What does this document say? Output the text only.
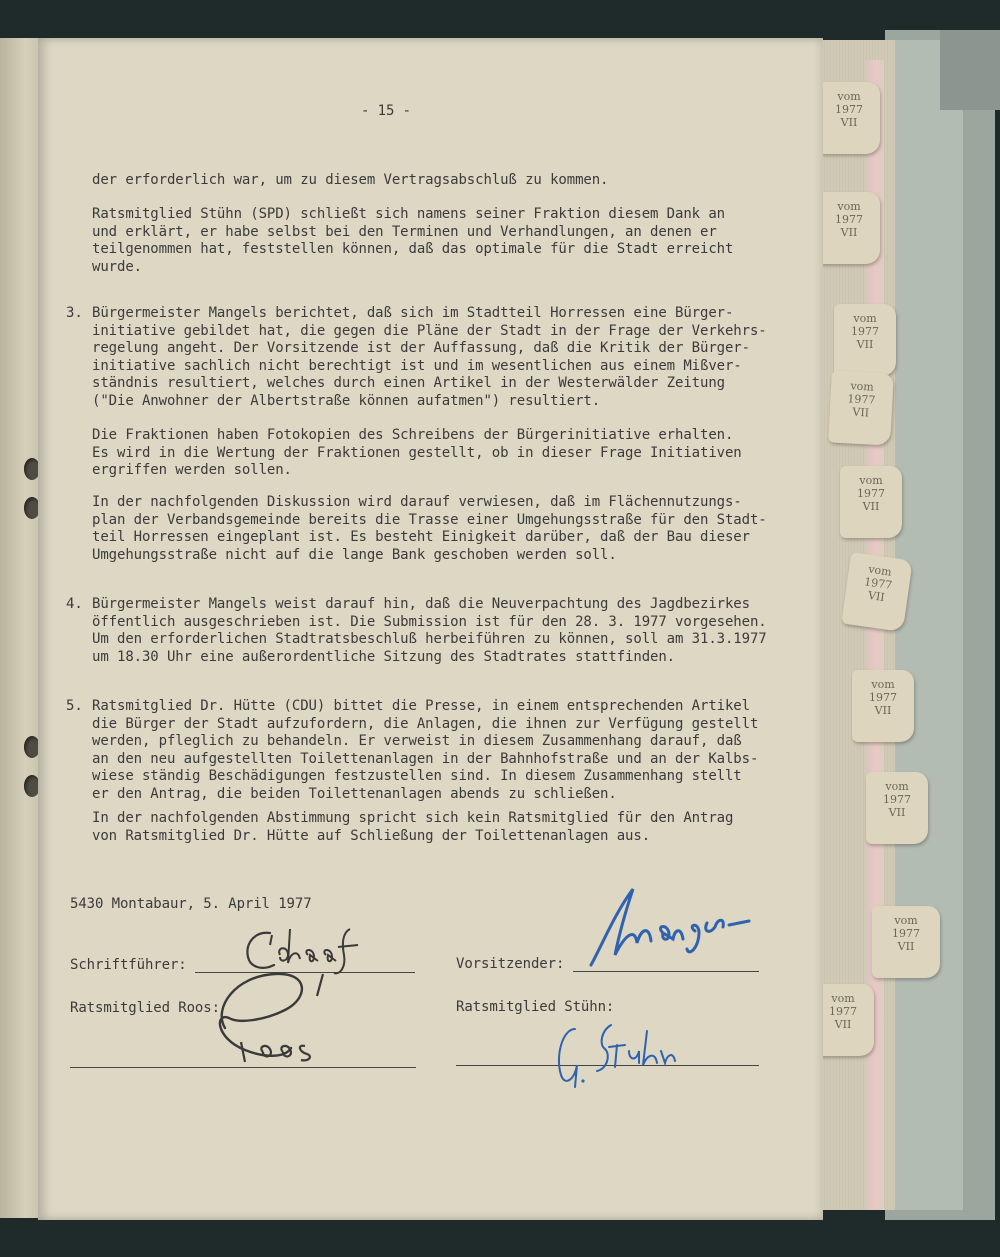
vom
1977
VII
vom
1977
VII
vom
1977
VII
vom
1977
VII
vom
1977
VII
vom
1977
VII
vom
1977
VII
vom
1977
VII
vom
1977
VII
vom
1977
VII
- 15 -
der erforderlich war, um zu diesem Vertragsabschluß zu kommen.
Ratsmitglied Stühn (SPD) schließt sich namens seiner Fraktion diesem Dank an
und erklärt, er habe selbst bei den Terminen und Verhandlungen, an denen er
teilgenommen hat, feststellen können, daß das optimale für die Stadt erreicht
wurde.
3. Bürgermeister Mangels berichtet, daß sich im Stadtteil Horressen eine Bürger-
initiative gebildet hat, die gegen die Pläne der Stadt in der Frage der Verkehrs-
regelung angeht. Der Vorsitzende ist der Auffassung, daß die Kritik der Bürger-
initiative sachlich nicht berechtigt ist und im wesentlichen aus einem Mißver-
ständnis resultiert, welches durch einen Artikel in der Westerwälder Zeitung
("Die Anwohner der Albertstraße können aufatmen") resultiert.
Die Fraktionen haben Fotokopien des Schreibens der Bürgerinitiative erhalten.
Es wird in die Wertung der Fraktionen gestellt, ob in dieser Frage Initiativen
ergriffen werden sollen.
In der nachfolgenden Diskussion wird darauf verwiesen, daß im Flächennutzungs-
plan der Verbandsgemeinde bereits die Trasse einer Umgehungsstraße für den Stadt-
teil Horressen eingeplant ist. Es besteht Einigkeit darüber, daß der Bau dieser
Umgehungsstraße nicht auf die lange Bank geschoben werden soll.
4. Bürgermeister Mangels weist darauf hin, daß die Neuverpachtung des Jagdbezirkes
öffentlich ausgeschrieben ist. Die Submission ist für den 28. 3. 1977 vorgesehen.
Um den erforderlichen Stadtratsbeschluß herbeiführen zu können, soll am 31.3.1977
um 18.30 Uhr eine außerordentliche Sitzung des Stadtrates stattfinden.
5. Ratsmitglied Dr. Hütte (CDU) bittet die Presse, in einem entsprechenden Artikel
die Bürger der Stadt aufzufordern, die Anlagen, die ihnen zur Verfügung gestellt
werden, pfleglich zu behandeln. Er verweist in diesem Zusammenhang darauf, daß
an den neu aufgestellten Toilettenanlagen in der Bahnhofstraße und an der Kalbs-
wiese ständig Beschädigungen festzustellen sind. In diesem Zusammenhang stellt
er den Antrag, die beiden Toilettenanlagen abends zu schließen.
In der nachfolgenden Abstimmung spricht sich kein Ratsmitglied für den Antrag
von Ratsmitglied Dr. Hütte auf Schließung der Toilettenanlagen aus.
5430 Montabaur, 5. April 1977
Schriftführer:	Vorsitzender:
Ratsmitglied Roos:	Ratsmitglied Stühn:
